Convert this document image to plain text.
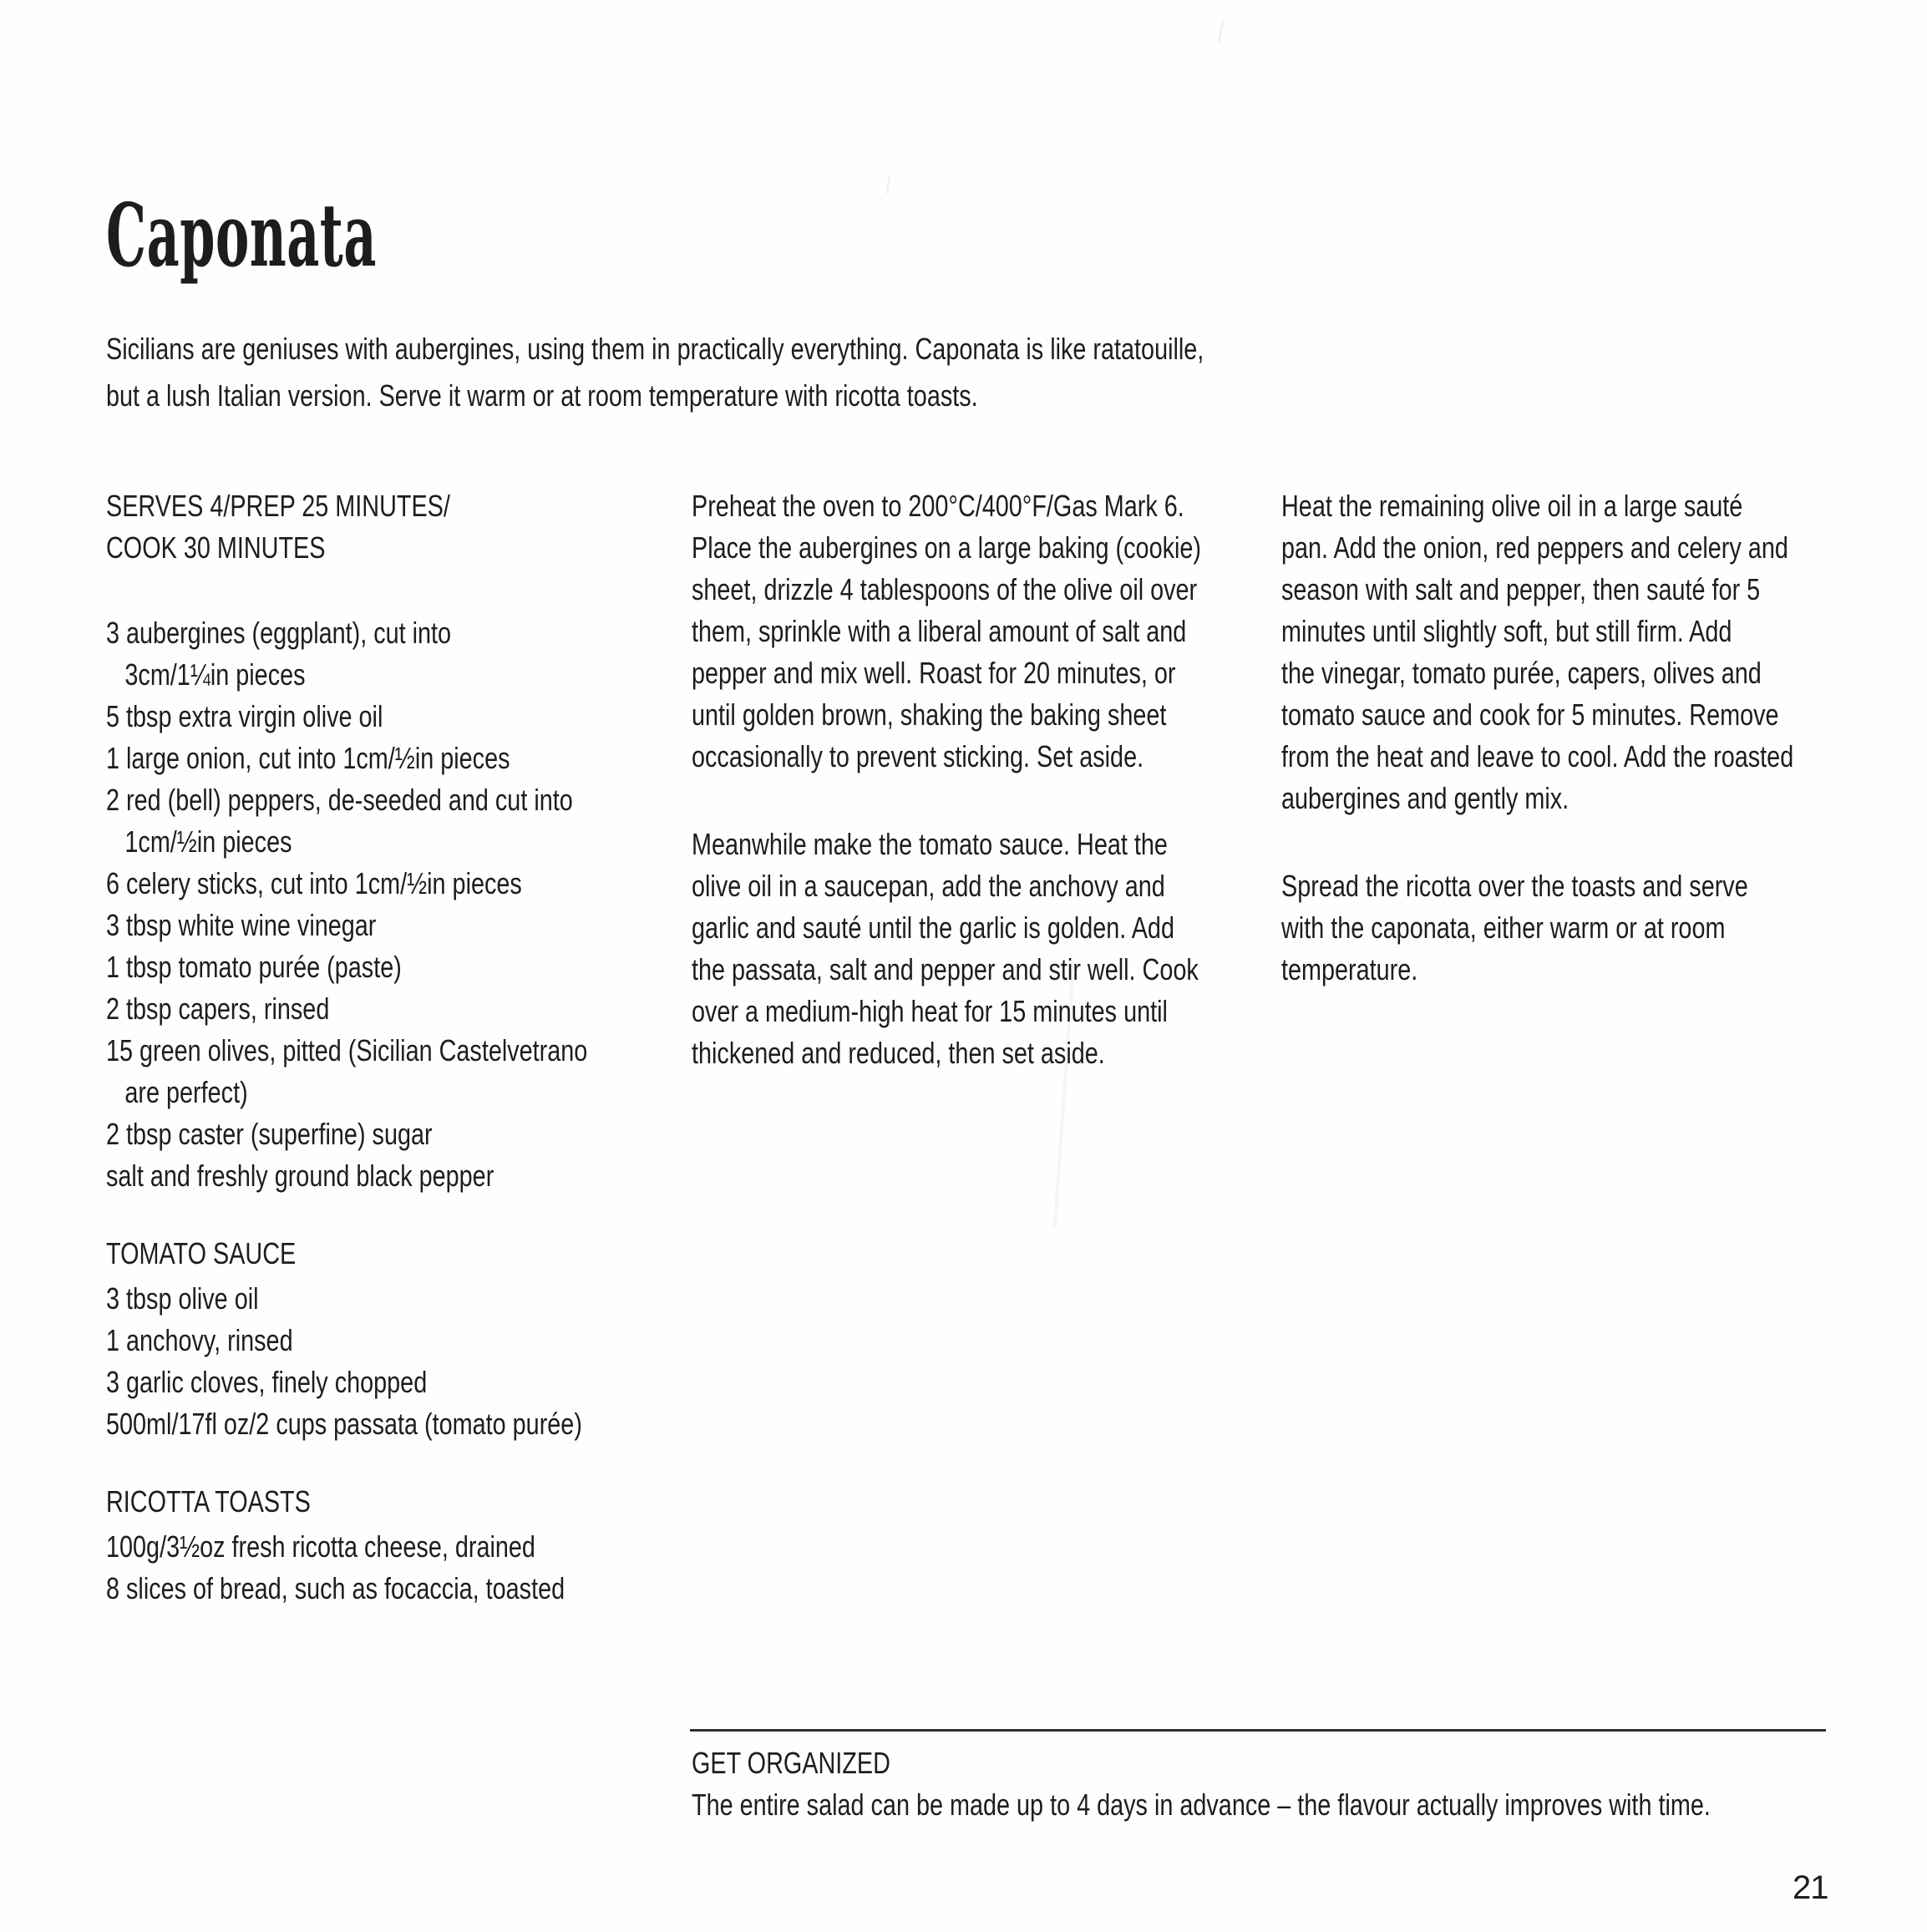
Caponata
Sicilians are geniuses with aubergines, using them in practically everything. Caponata is like ratatouille,
but a lush Italian version. Serve it warm or at room temperature with ricotta toasts.
SERVES 4/PREP 25 MINUTES/
COOK 30 MINUTES
3 aubergines (eggplant), cut into
3cm/1¼in pieces
5 tbsp extra virgin olive oil
1 large onion, cut into 1cm/½in pieces
2 red (bell) peppers, de-seeded and cut into
1cm/½in pieces
6 celery sticks, cut into 1cm/½in pieces
3 tbsp white wine vinegar
1 tbsp tomato purée (paste)
2 tbsp capers, rinsed
15 green olives, pitted (Sicilian Castelvetrano
are perfect)
2 tbsp caster (superfine) sugar
salt and freshly ground black pepper
TOMATO SAUCE
3 tbsp olive oil
1 anchovy, rinsed
3 garlic cloves, finely chopped
500ml/17fl oz/2 cups passata (tomato purée)
RICOTTA TOASTS
100g/3½oz fresh ricotta cheese, drained
8 slices of bread, such as focaccia, toasted
Preheat the oven to 200°C/400°F/Gas Mark 6.
Place the aubergines on a large baking (cookie)
sheet, drizzle 4 tablespoons of the olive oil over
them, sprinkle with a liberal amount of salt and
pepper and mix well. Roast for 20 minutes, or
until golden brown, shaking the baking sheet
occasionally to prevent sticking. Set aside.
Meanwhile make the tomato sauce. Heat the
olive oil in a saucepan, add the anchovy and
garlic and sauté until the garlic is golden. Add
the passata, salt and pepper and stir well. Cook
over a medium-high heat for 15 minutes until
thickened and reduced, then set aside.
Heat the remaining olive oil in a large sauté
pan. Add the onion, red peppers and celery and
season with salt and pepper, then sauté for 5
minutes until slightly soft, but still firm. Add
the vinegar, tomato purée, capers, olives and
tomato sauce and cook for 5 minutes. Remove
from the heat and leave to cool. Add the roasted
aubergines and gently mix.
Spread the ricotta over the toasts and serve
with the caponata, either warm or at room
temperature.
GET ORGANIZED
The entire salad can be made up to 4 days in advance – the flavour actually improves with time.
21
